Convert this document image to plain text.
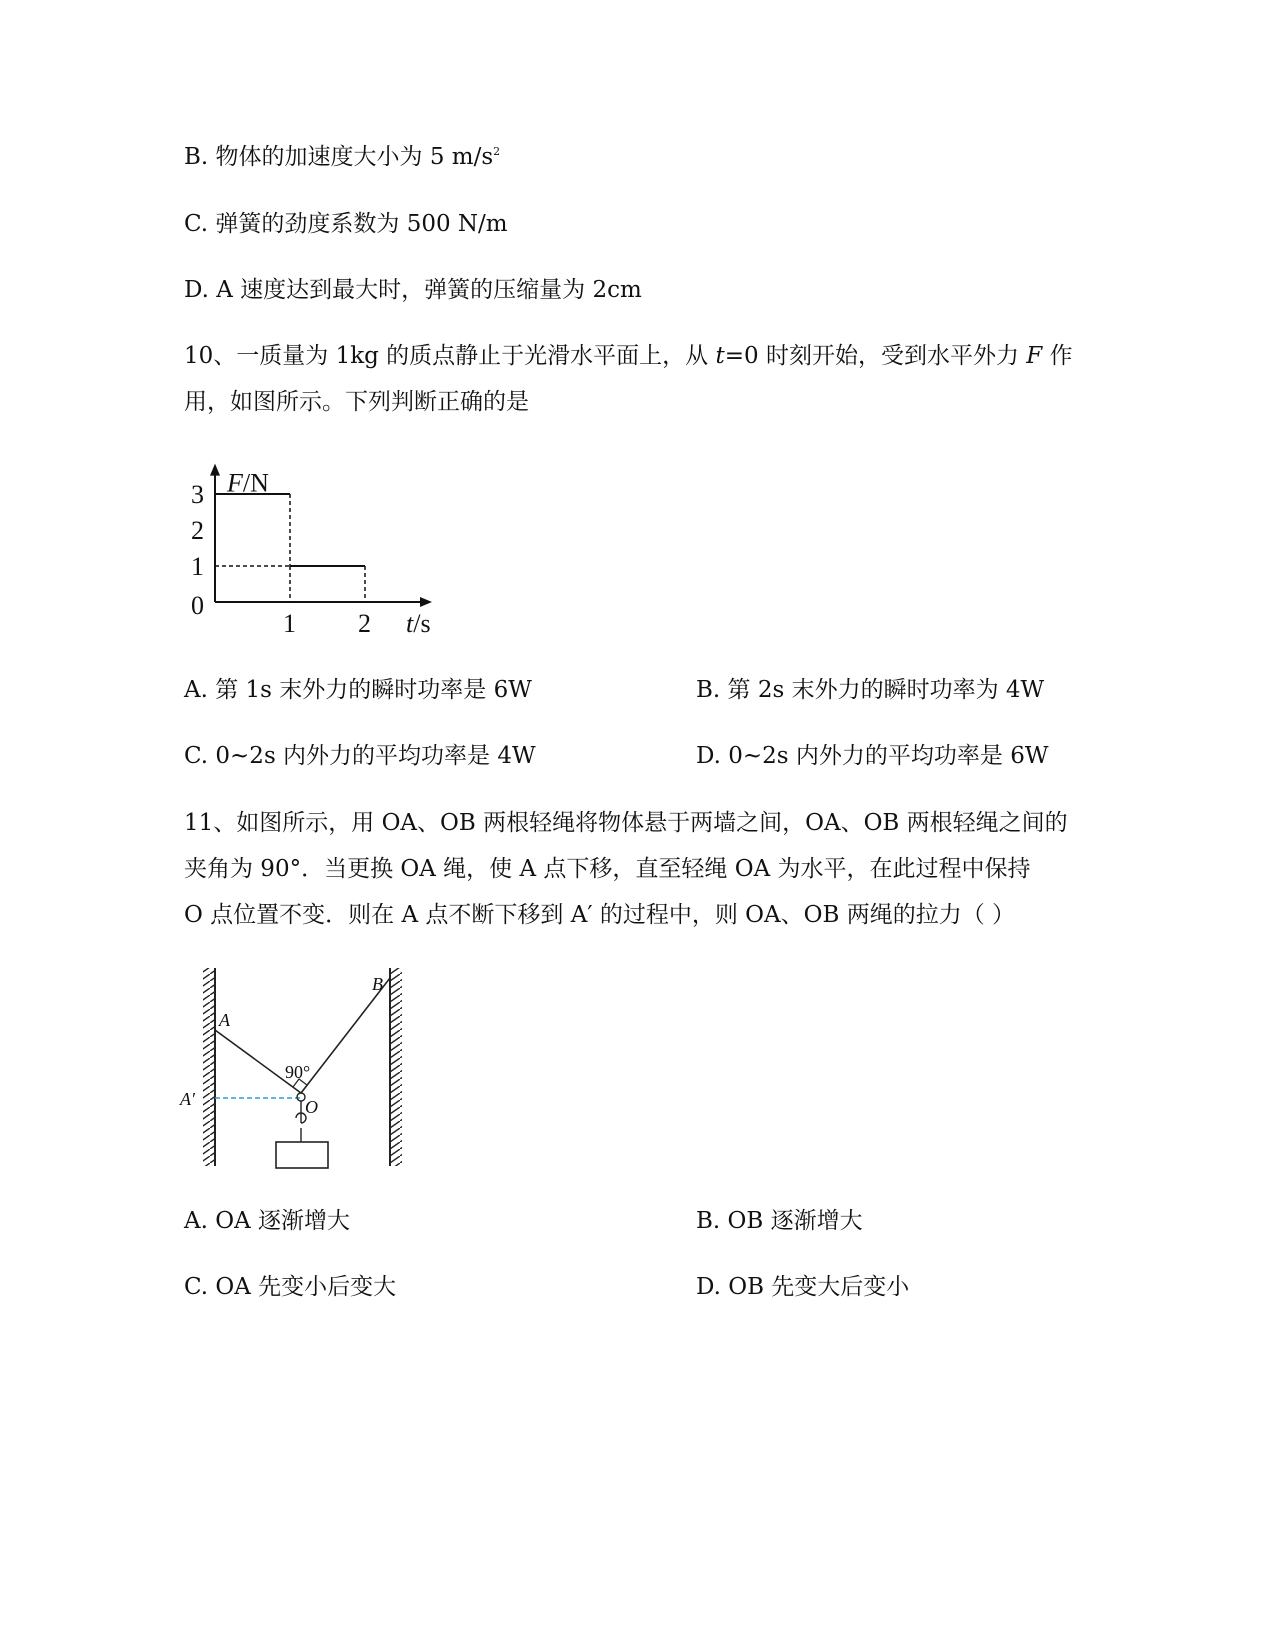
B. 物体的加速度大小为 5 $m/s^2$
C. 弹簧的劲度系数为 500 N/m
D. A 速度达到最大时，弹簧的压缩量为 2cm
10、一质量为 1kg 的质点静止于光滑水平面上，从 t=0 时刻开始，受到水平外力 F 作
用，如图所示。下列判断正确的是
1
2
3
1 2
0
F/N
t/s
A. 第 1s 末外力的瞬时功率是 6W	B. 第 2s 末外力的瞬时功率为 4W
C. 0~2s 内外力的平均功率是 4W	D. 0~2s 内外力的平均功率是 6W
11、如图所示，用 OA、OB 两根轻绳将物体悬于两墙之间，OA、OB 两根轻绳之间的
夹角为 90°．当更换 OA 绳，使 A 点下移，直至轻绳 OA 为水平，在此过程中保持
O 点位置不变．则在 A 点不断下移到 A′ 的过程中，则 OA、OB 两绳的拉力（ ）
A
B
A′	O
90°
A. OA 逐渐增大	B. OB 逐渐增大
C. OA 先变小后变大	D. OB 先变大后变小
